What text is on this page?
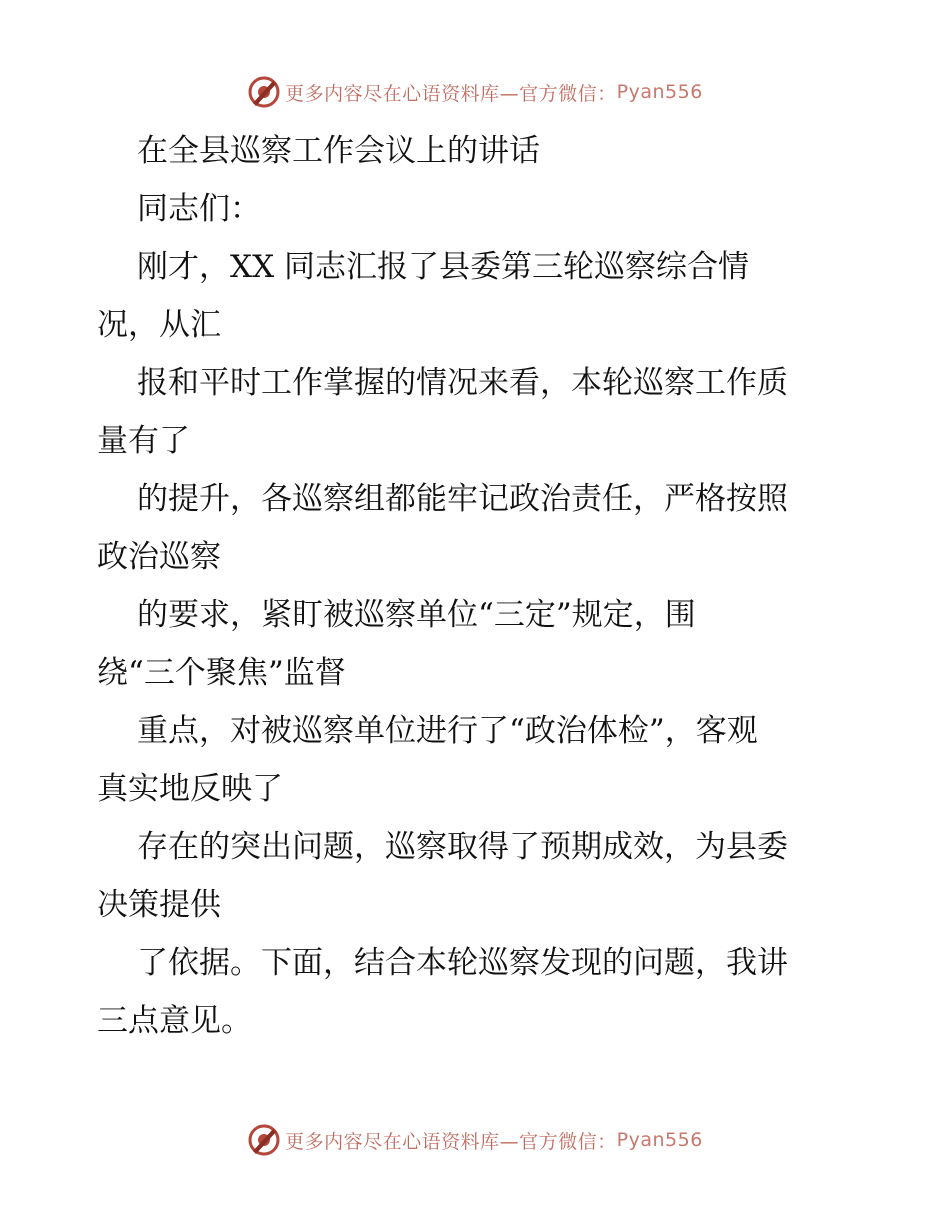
更多内容尽在心语资料库—官方微信： Pyan556
在全县巡察工作会议上的讲话
同志们：
刚才，XX 同志汇报了县委第三轮巡察综合情
况，从汇
报和平时工作掌握的情况来看，本轮巡察工作质
量有了
的提升，各巡察组都能牢记政治责任，严格按照
政治巡察
的要求，紧盯被巡察单位“三定”规定，围
绕“三个聚焦”监督
重点，对被巡察单位进行了“政治体检”，客观
真实地反映了
存在的突出问题，巡察取得了预期成效，为县委
决策提供
了依据。下面，结合本轮巡察发现的问题，我讲
三点意见。
更多内容尽在心语资料库—官方微信： Pyan556
